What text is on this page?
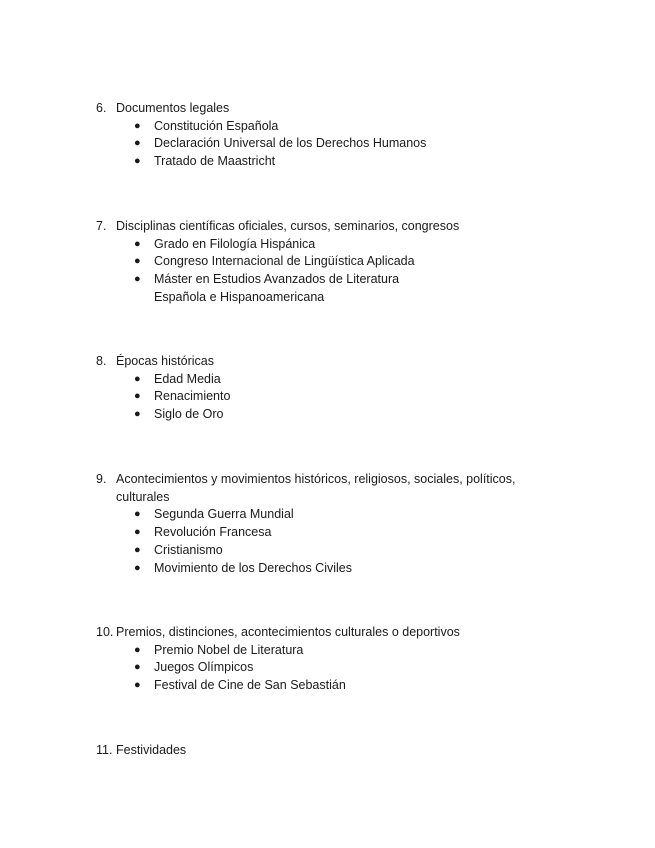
6. Documentos legales
●	Constitución Española
●	Declaración Universal de los Derechos Humanos
●	Tratado de Maastricht
7. Disciplinas científicas oficiales, cursos, seminarios, congresos
●	Grado en Filología Hispánica
●	Congreso Internacional de Lingüística Aplicada
●	Máster en Estudios Avanzados de Literatura Española e Hispanoamericana
8. Épocas históricas
●	Edad Media
●	Renacimiento
●	Siglo de Oro
9. Acontecimientos y movimientos históricos, religiosos, sociales, políticos, culturales
●	Segunda Guerra Mundial
●	Revolución Francesa
●	Cristianismo
●	Movimiento de los Derechos Civiles
10. Premios, distinciones, acontecimientos culturales o deportivos
●	Premio Nobel de Literatura
●	Juegos Olímpicos
●	Festival de Cine de San Sebastián
11. Festividades
